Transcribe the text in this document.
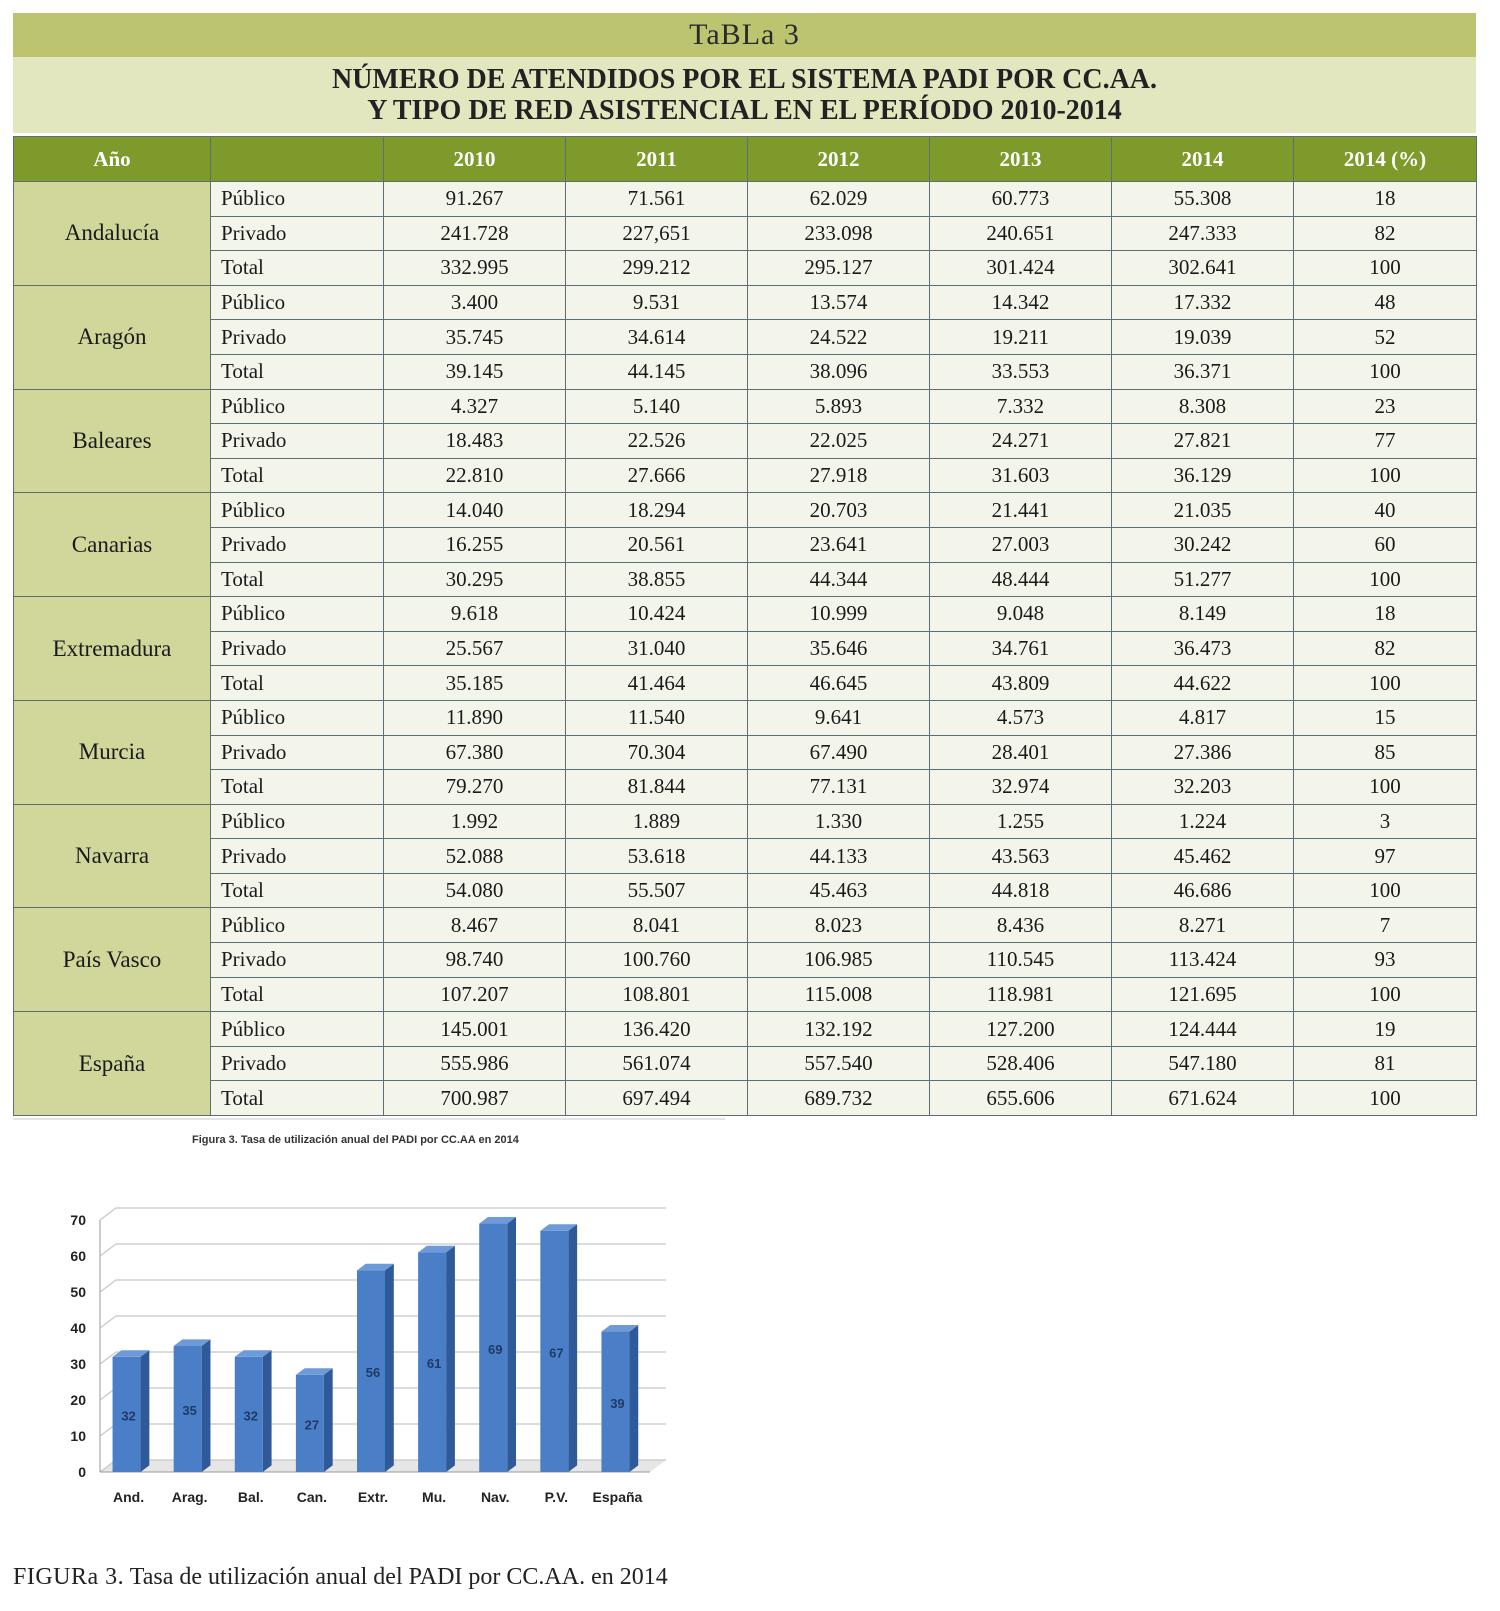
TaBLa 3
NÚMERO DE ATENDIDOS POR EL SISTEMA PADI POR CC.AA.
Y TIPO DE RED ASISTENCIAL EN EL PERÍODO 2010-2014
Año		2010	2011	2012	2013	2014	2014 (%)
Andalucía	Público	91.267	71.561	62.029	60.773	55.308	18
	Privado	241.728	227,651	233.098	240.651	247.333	82
	Total	332.995	299.212	295.127	301.424	302.641	100
Aragón	Público	3.400	9.531	13.574	14.342	17.332	48
	Privado	35.745	34.614	24.522	19.211	19.039	52
	Total	39.145	44.145	38.096	33.553	36.371	100
Baleares	Público	4.327	5.140	5.893	7.332	8.308	23
	Privado	18.483	22.526	22.025	24.271	27.821	77
	Total	22.810	27.666	27.918	31.603	36.129	100
Canarias	Público	14.040	18.294	20.703	21.441	21.035	40
	Privado	16.255	20.561	23.641	27.003	30.242	60
	Total	30.295	38.855	44.344	48.444	51.277	100
Extremadura	Público	9.618	10.424	10.999	9.048	8.149	18
	Privado	25.567	31.040	35.646	34.761	36.473	82
	Total	35.185	41.464	46.645	43.809	44.622	100
Murcia	Público	11.890	11.540	9.641	4.573	4.817	15
	Privado	67.380	70.304	67.490	28.401	27.386	85
	Total	79.270	81.844	77.131	32.974	32.203	100
Navarra	Público	1.992	1.889	1.330	1.255	1.224	3
	Privado	52.088	53.618	44.133	43.563	45.462	97
	Total	54.080	55.507	45.463	44.818	46.686	100
País Vasco	Público	8.467	8.041	8.023	8.436	8.271	7
	Privado	98.740	100.760	106.985	110.545	113.424	93
	Total	107.207	108.801	115.008	118.981	121.695	100
España	Público	145.001	136.420	132.192	127.200	124.444	19
	Privado	555.986	561.074	557.540	528.406	547.180	81
	Total	700.987	697.494	689.732	655.606	671.624	100
Figura 3. Tasa de utilización anual del PADI por CC.AA en 2014
0
10
20
30
40
50
60
70
32
And.
35
Arag.
32
Bal.
27
Can.
56
Extr.
61
Mu.
69
Nav.
67
P.V.
39
España
FIGURa 3. Tasa de utilización anual del PADI por CC.AA. en 2014
